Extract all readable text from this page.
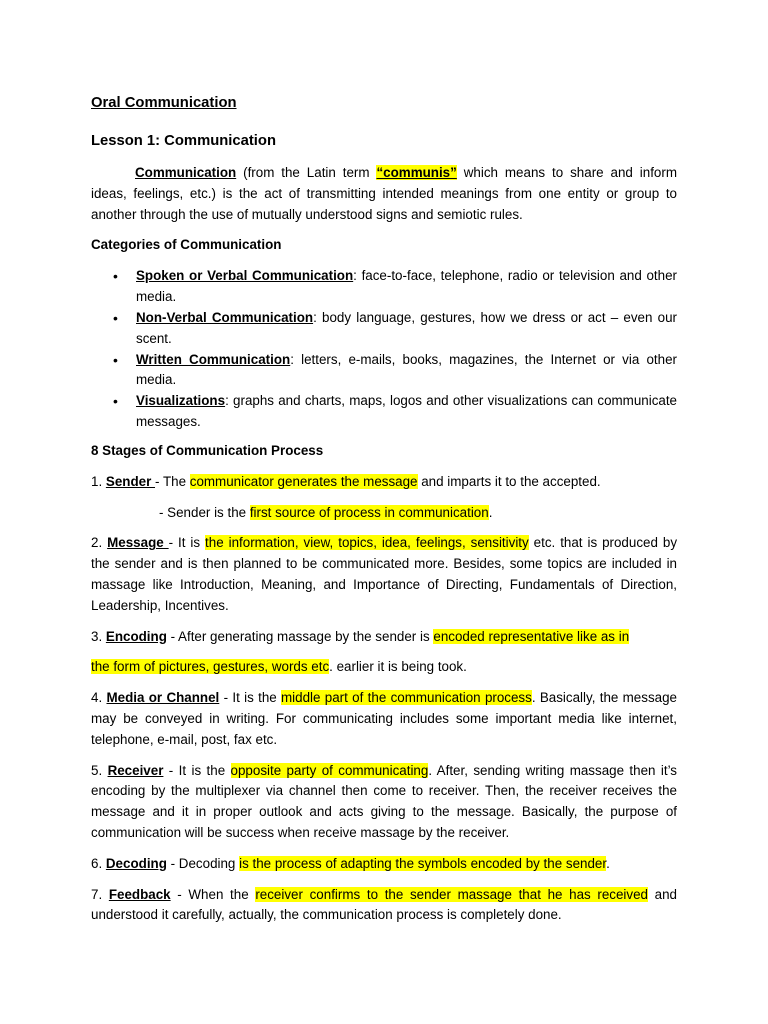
Oral Communication
Lesson 1: Communication

Communication (from the Latin term “communis” which means to share and inform ideas, feelings, etc.) is the act of transmitting intended meanings from one entity or group to another through the use of mutually understood signs and semiotic rules.

Categories of Communication
• Spoken or Verbal Communication: face-to-face, telephone, radio or television and other media.
• Non-Verbal Communication: body language, gestures, how we dress or act – even our scent.
• Written Communication: letters, e-mails, books, magazines, the Internet or via other media.
• Visualizations: graphs and charts, maps, logos and other visualizations can communicate messages.
8 Stages of Communication Process

1. Sender - The communicator generates the message and imparts it to the accepted.

- Sender is the first source of process in communication.

2. Message - It is the information, view, topics, idea, feelings, sensitivity etc. that is produced by the sender and is then planned to be communicated more. Besides, some topics are included in massage like Introduction, Meaning, and Importance of Directing, Fundamentals of Direction, Leadership, Incentives.

3. Encoding - After generating massage by the sender is encoded representative like as in

the form of pictures, gestures, words etc. earlier it is being took.

4. Media or Channel - It is the middle part of the communication process. Basically, the message may be conveyed in writing. For communicating includes some important media like internet, telephone, e-mail, post, fax etc.

5. Receiver - It is the opposite party of communicating. After, sending writing massage then it’s encoding by the multiplexer via channel then come to receiver. Then, the receiver receives the message and it in proper outlook and acts giving to the message. Basically, the purpose of communication will be success when receive massage by the receiver.

6. Decoding - Decoding is the process of adapting the symbols encoded by the sender.

7. Feedback - When the receiver confirms to the sender massage that he has received and understood it carefully, actually, the communication process is completely done.
